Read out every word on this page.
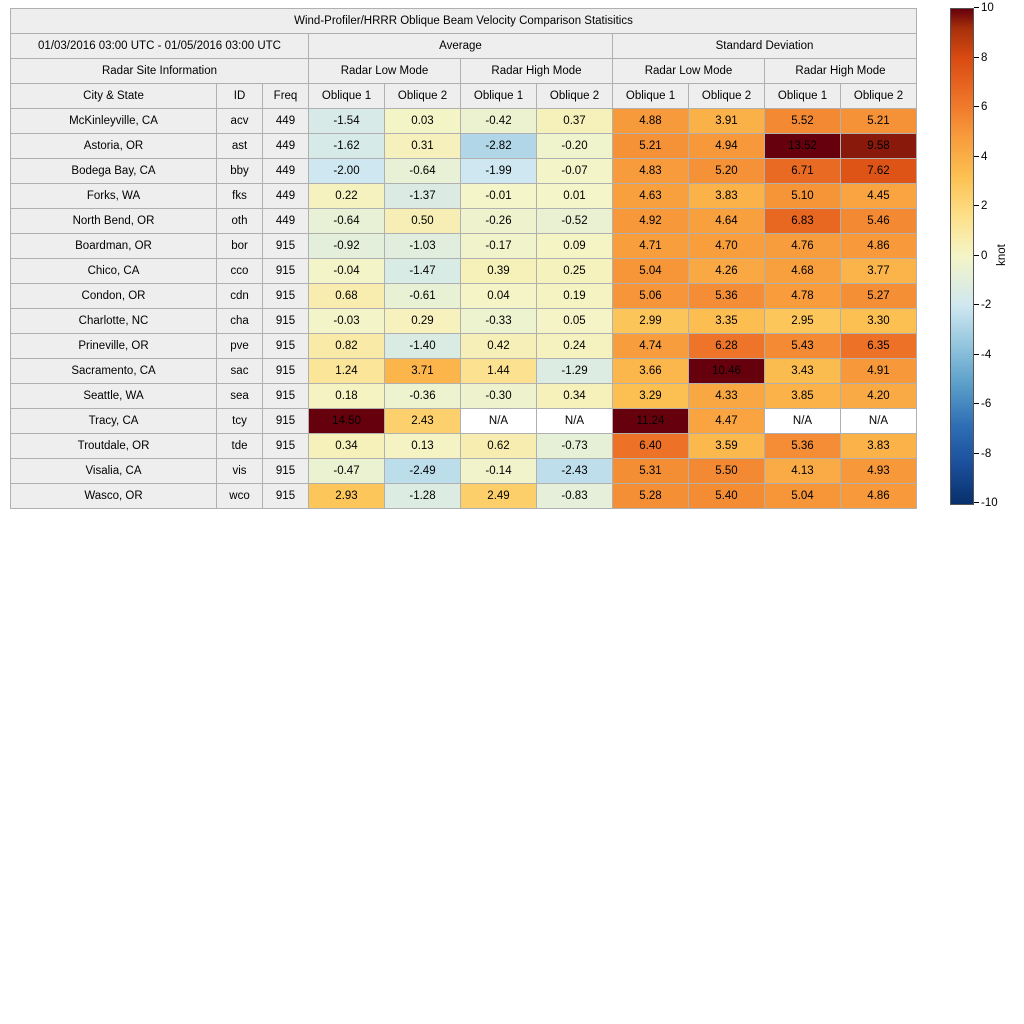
Wind-Profiler/HRRR Oblique Beam Velocity Comparison Statisitics										
01/03/2016 03:00 UTC - 01/05/2016 03:00 UTC			Average				Standard Deviation			
Radar Site Information			Radar Low Mode		Radar High Mode		Radar Low Mode		Radar High Mode	
City & State	ID	Freq	Oblique 1	Oblique 2	Oblique 1	Oblique 2	Oblique 1	Oblique 2	Oblique 1	Oblique 2
McKinleyville, CA	acv	449	-1.54	0.03	-0.42	0.37	4.88	3.91	5.52	5.21
Astoria, OR	ast	449	-1.62	0.31	-2.82	-0.20	5.21	4.94	13.52	9.58
Bodega Bay, CA	bby	449	-2.00	-0.64	-1.99	-0.07	4.83	5.20	6.71	7.62
Forks, WA	fks	449	0.22	-1.37	-0.01	0.01	4.63	3.83	5.10	4.45
North Bend, OR	oth	449	-0.64	0.50	-0.26	-0.52	4.92	4.64	6.83	5.46
Boardman, OR	bor	915	-0.92	-1.03	-0.17	0.09	4.71	4.70	4.76	4.86
Chico, CA	cco	915	-0.04	-1.47	0.39	0.25	5.04	4.26	4.68	3.77
Condon, OR	cdn	915	0.68	-0.61	0.04	0.19	5.06	5.36	4.78	5.27
Charlotte, NC	cha	915	-0.03	0.29	-0.33	0.05	2.99	3.35	2.95	3.30
Prineville, OR	pve	915	0.82	-1.40	0.42	0.24	4.74	6.28	5.43	6.35
Sacramento, CA	sac	915	1.24	3.71	1.44	-1.29	3.66	10.46	3.43	4.91
Seattle, WA	sea	915	0.18	-0.36	-0.30	0.34	3.29	4.33	3.85	4.20
Tracy, CA	tcy	915	14.50	2.43	N/A	N/A	11.24	4.47	N/A	N/A
Troutdale, OR	tde	915	0.34	0.13	0.62	-0.73	6.40	3.59	5.36	3.83
Visalia, CA	vis	915	-0.47	-2.49	-0.14	-2.43	5.31	5.50	4.13	4.93
Wasco, OR	wco	915	2.93	-1.28	2.49	-0.83	5.28	5.40	5.04	4.86
10
8
6
4
2
0
-2
-4
-6
-8
-10
knot
